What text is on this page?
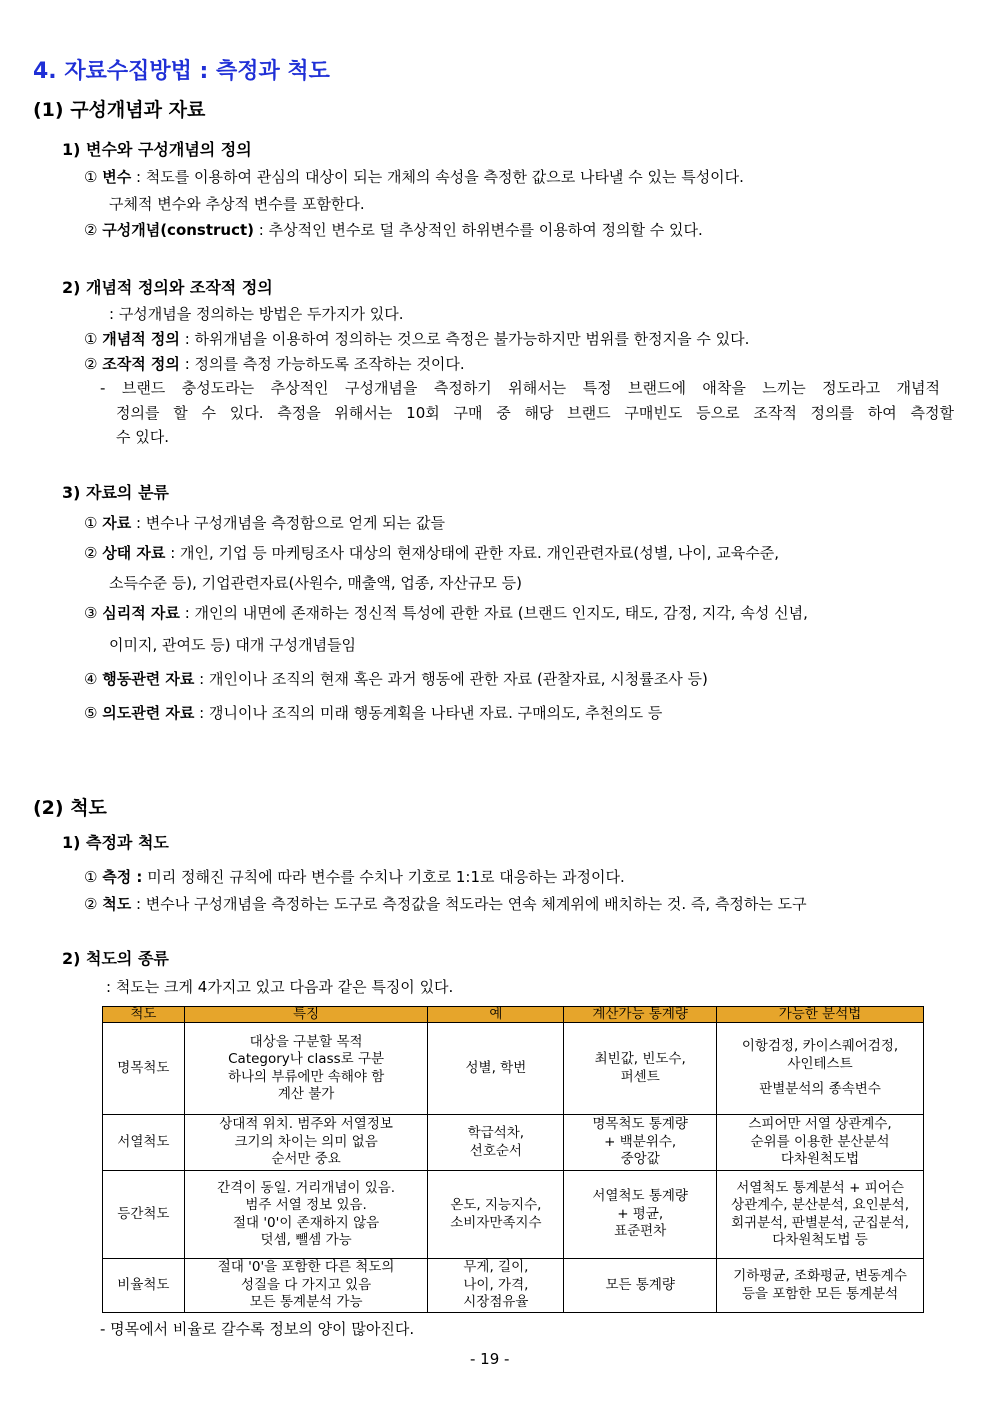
4. 자료수집방법 : 측정과 척도
(1) 구성개념과 자료
1) 변수와 구성개념의 정의
① 변수 : 척도를 이용하여 관심의 대상이 되는 개체의 속성을 측정한 값으로 나타낼 수 있는 특성이다.
구체적 변수와 추상적 변수를 포함한다.
② 구성개념(construct) : 추상적인 변수로 덜 추상적인 하위변수를 이용하여 정의할 수 있다.
2) 개념적 정의와 조작적 정의
: 구성개념을 정의하는 방법은 두가지가 있다.
① 개념적 정의 : 하위개념을 이용하여 정의하는 것으로 측정은 불가능하지만 범위를 한정지을 수 있다.
② 조작적 정의 : 정의를 측정 가능하도록 조작하는 것이다.
- 브랜드 충성도라는 추상적인 구성개념을 측정하기 위해서는 특정 브랜드에 애착을 느끼는 정도라고 개념적
정의를 할 수 있다. 측정을 위해서는 10회 구매 중 해당 브랜드 구매빈도 등으로 조작적 정의를 하여 측정할
수 있다.
3) 자료의 분류
① 자료 : 변수나 구성개념을 측정함으로 얻게 되는 값들
② 상태 자료 : 개인, 기업 등 마케팅조사 대상의 현재상태에 관한 자료. 개인관련자료(성별, 나이, 교육수준,
소득수준 등), 기업관련자료(사원수, 매출액, 업종, 자산규모 등)
③ 심리적 자료 : 개인의 내면에 존재하는 정신적 특성에 관한 자료 (브랜드 인지도, 태도, 감정, 지각, 속성 신념,
이미지, 관여도 등) 대개 구성개념들임
④ 행동관련 자료 : 개인이나 조직의 현재 혹은 과거 행동에 관한 자료 (관찰자료, 시청률조사 등)
⑤ 의도관련 자료 : 갱니이나 조직의 미래 행동계획을 나타낸 자료. 구매의도, 추천의도 등
(2) 척도
1) 측정과 척도
① 측정 : 미리 정해진 규칙에 따라 변수를 수치나 기호로 1:1로 대응하는 과정이다.
② 척도 : 변수나 구성개념을 측정하는 도구로 측정값을 척도라는 연속 체계위에 배치하는 것. 즉, 측정하는 도구
2) 척도의 종류
: 척도는 크게 4가지고 있고 다음과 같은 특징이 있다.
척도	특징	예	계산가능 통계량	가능한 분석법
명목척도	대상을 구분할 목적
Category나 class로 구분
하나의 부류에만 속해야 함
계산 불가	성별, 학번	최빈값, 빈도수,
퍼센트	이항검정, 카이스퀘어검정,
사인테스트
판별분석의 종속변수

서열척도	상대적 위치. 범주와 서열정보
크기의 차이는 의미 없음
순서만 중요	학급석차,
선호순서	명목척도 통계량
+ 백분위수,
중앙값	스피어만 서열 상관계수,
순위를 이용한 분산분석
다차원척도법

등간척도	간격이 동일. 거리개념이 있음.
범주 서열 정보 있음.
절대 '0'이 존재하지 않음
덧셈, 뺄셈 가능	온도, 지능지수,
소비자만족지수	서열척도 통계량
+ 평균,
표준편차	서열척도 통계분석 + 피어슨
상관계수, 분산분석, 요인분석,
회귀분석, 판별분석, 군집분석,
다차원척도법 등

비율척도	절대 '0'을 포함한 다른 척도의
성질을 다 가지고 있음
모든 통계분석 가능	무게, 길이,
나이, 가격,
시장점유율	모든 통계량	기하평균, 조화평균, 변동계수
등을 포함한 모든 통계분석
- 명목에서 비율로 갈수록 정보의 양이 많아진다.
- 19 -
